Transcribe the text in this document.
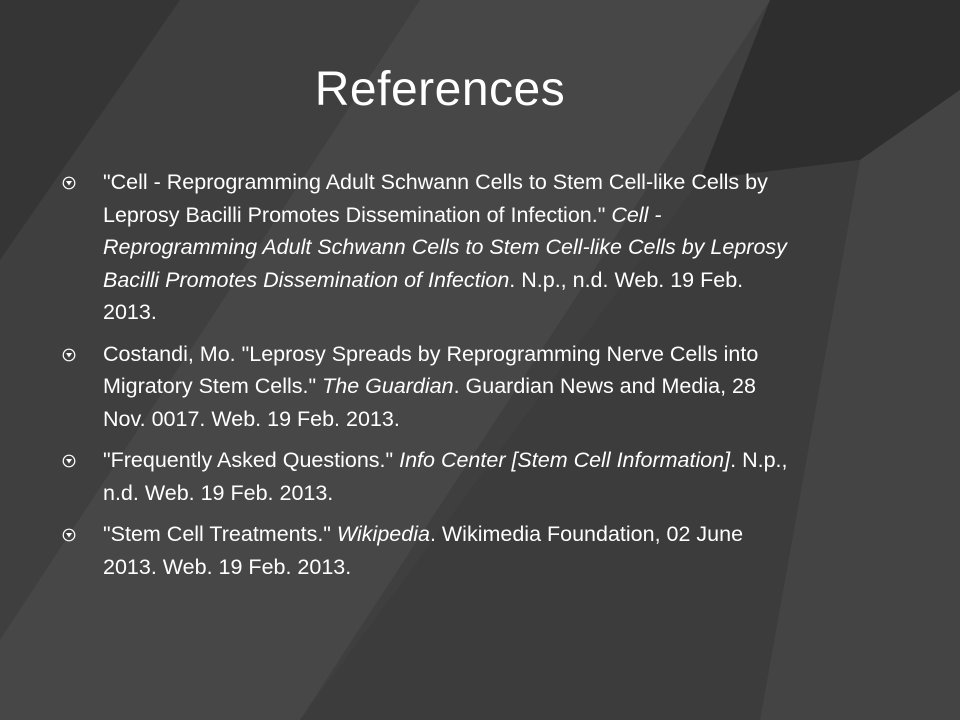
References
"Cell - Reprogramming Adult Schwann Cells to Stem Cell-like Cells by Leprosy Bacilli Promotes Dissemination of Infection." Cell - Reprogramming Adult Schwann Cells to Stem Cell-like Cells by Leprosy Bacilli Promotes Dissemination of Infection. N.p., n.d. Web. 19 Feb. 2013.
Costandi, Mo. "Leprosy Spreads by Reprogramming Nerve Cells into Migratory Stem Cells." The Guardian. Guardian News and Media, 28 Nov. 0017. Web. 19 Feb. 2013.
"Frequently Asked Questions." Info Center [Stem Cell Information]. N.p., n.d. Web. 19 Feb. 2013.
"Stem Cell Treatments." Wikipedia. Wikimedia Foundation, 02 June 2013. Web. 19 Feb. 2013.
